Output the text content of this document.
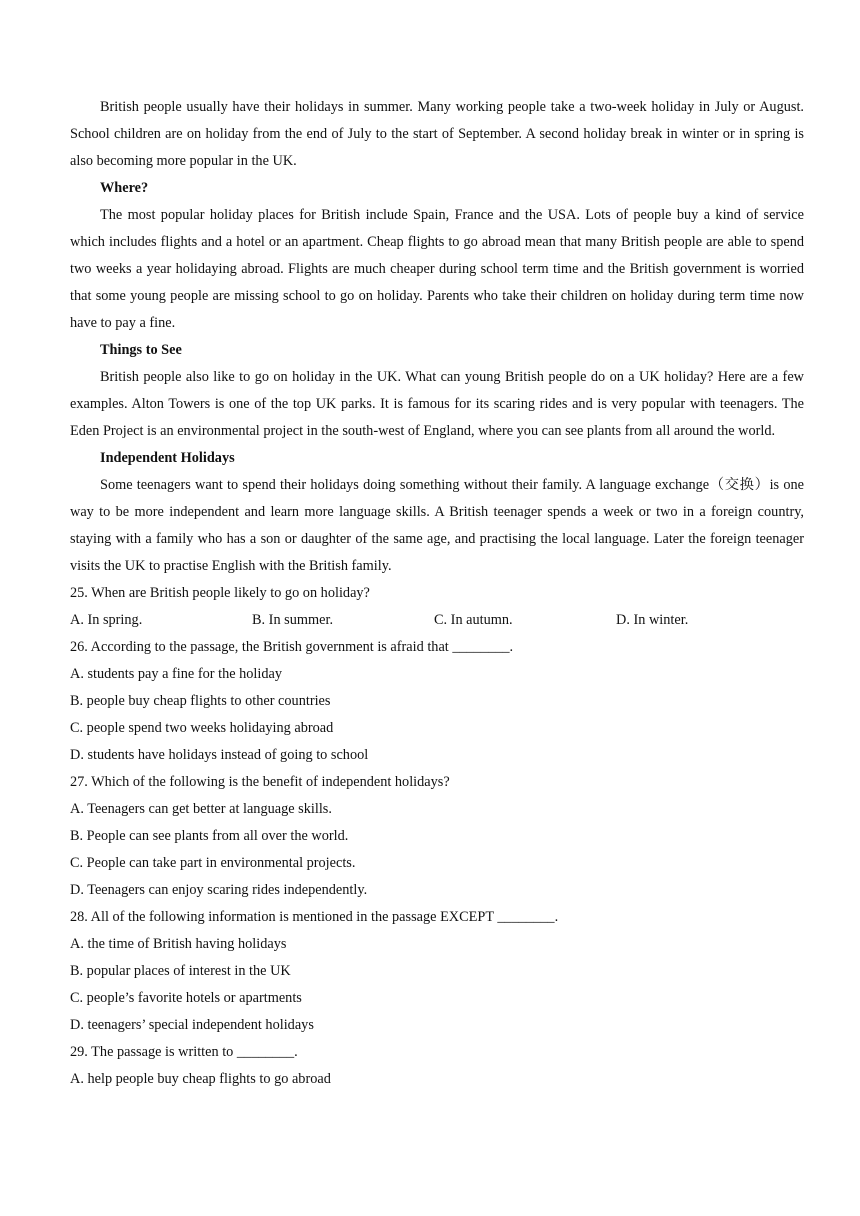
British people usually have their holidays in summer. Many working people take a two-week holiday in July or August. School children are on holiday from the end of July to the start of September. A second holiday break in winter or in spring is also becoming more popular in the UK.

Where?

The most popular holiday places for British include Spain, France and the USA. Lots of people buy a kind of service which includes flights and a hotel or an apartment. Cheap flights to go abroad mean that many British people are able to spend two weeks a year holidaying abroad. Flights are much cheaper during school term time and the British government is worried that some young people are missing school to go on holiday. Parents who take their children on holiday during term time now have to pay a fine.

Things to See

British people also like to go on holiday in the UK. What can young British people do on a UK holiday? Here are a few examples. Alton Towers is one of the top UK parks. It is famous for its scaring rides and is very popular with teenagers. The Eden Project is an environmental project in the south-west of England, where you can see plants from all around the world.

Independent Holidays

Some teenagers want to spend their holidays doing something without their family. A language exchange（交换）is one way to be more independent and learn more language skills. A British teenager spends a week or two in a foreign country, staying with a family who has a son or daughter of the same age, and practising the local language. Later the foreign teenager visits the UK to practise English with the British family.

25. When are British people likely to go on holiday?

A. In spring.	B. In summer.	C. In autumn.	D. In winter.

26. According to the passage, the British government is afraid that ________.

A. students pay a fine for the holiday

B. people buy cheap flights to other countries

C. people spend two weeks holidaying abroad

D. students have holidays instead of going to school

27. Which of the following is the benefit of independent holidays?

A. Teenagers can get better at language skills.

B. People can see plants from all over the world.

C. People can take part in environmental projects.

D. Teenagers can enjoy scaring rides independently.

28. All of the following information is mentioned in the passage EXCEPT ________.

A. the time of British having holidays

B. popular places of interest in the UK

C. people’s favorite hotels or apartments

D. teenagers’ special independent holidays

29. The passage is written to ________.

A. help people buy cheap flights to go abroad
